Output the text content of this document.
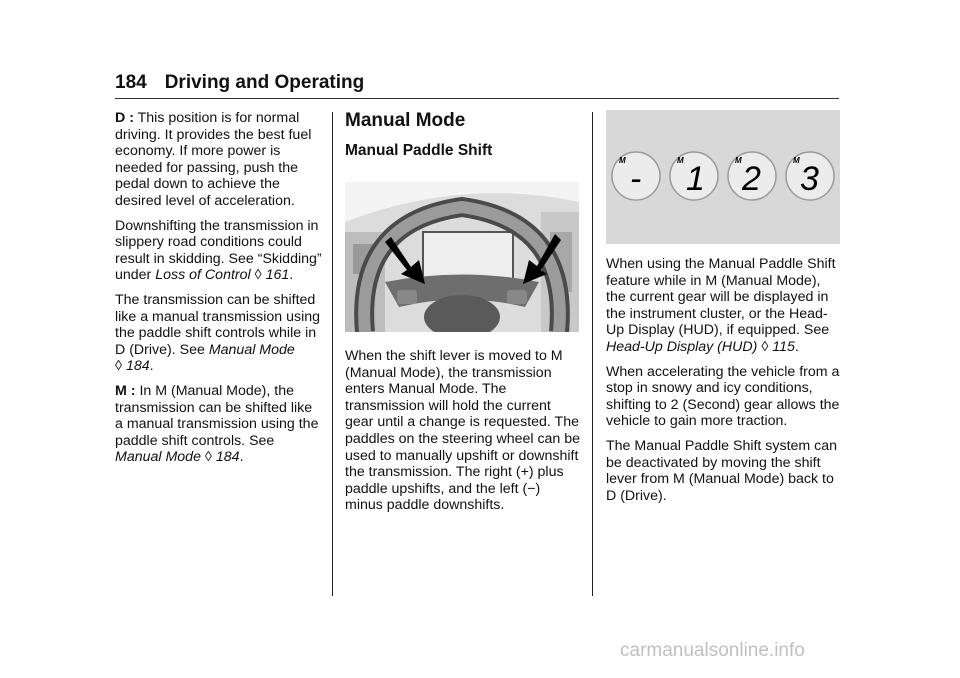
184 Driving and Operating

D : This position is for normal driving. It provides the best fuel economy. If more power is needed for passing, push the pedal down to achieve the desired level of acceleration.

Downshifting the transmission in slippery road conditions could result in skidding. See “Skidding” under Loss of Control ◊ 161.

The transmission can be shifted like a manual transmission using the paddle shift controls while in D (Drive). See Manual Mode ◊ 184.

M : In M (Manual Mode), the transmission can be shifted like a manual transmission using the paddle shift controls. See Manual Mode ◊ 184.

Manual Mode
Manual Paddle Shift

When the shift lever is moved to M (Manual Mode), the transmission enters Manual Mode. The transmission will hold the current gear until a change is requested. The paddles on the steering wheel can be used to manually upshift or downshift the transmission. The right (+) plus paddle upshifts, and the left (−) minus paddle downshifts.

M -	M 1	M 2	M 3

When using the Manual Paddle Shift feature while in M (Manual Mode), the current gear will be displayed in the instrument cluster, or the Head-Up Display (HUD), if equipped. See Head-Up Display (HUD) ◊ 115.

When accelerating the vehicle from a stop in snowy and icy conditions, shifting to 2 (Second) gear allows the vehicle to gain more traction.

The Manual Paddle Shift system can be deactivated by moving the shift lever from M (Manual Mode) back to D (Drive).

carmanualsonline.info
